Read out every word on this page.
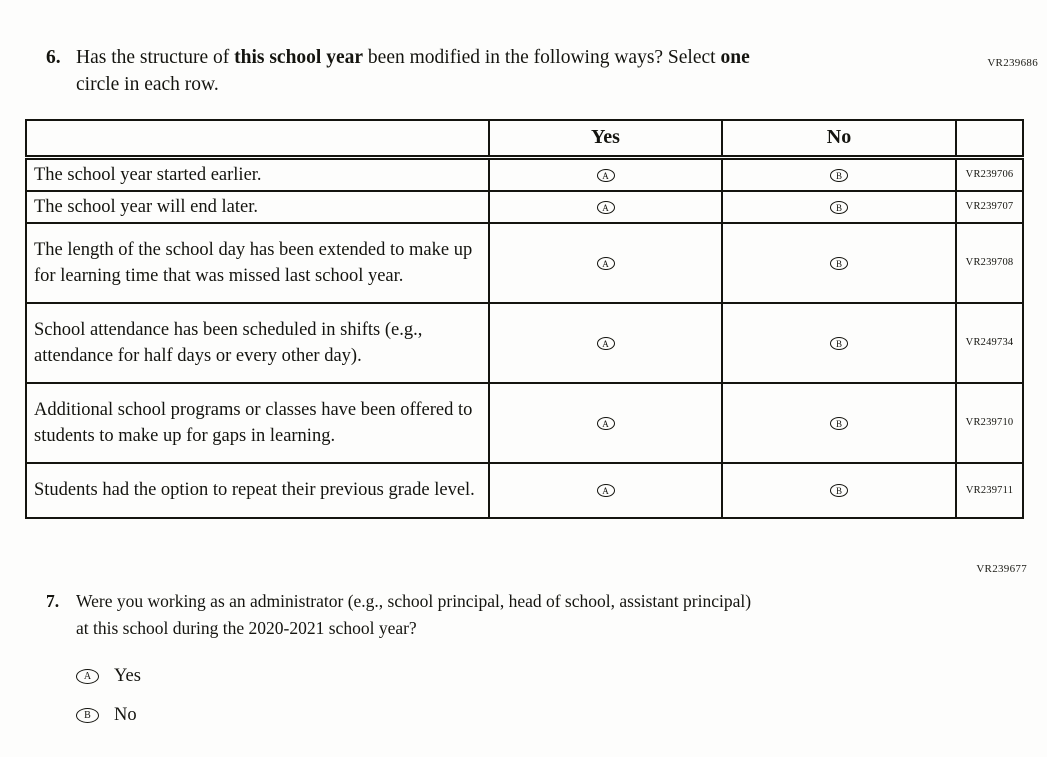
VR239686
6. Has the structure of this school year been modified in the following ways? Select one
circle in each row.
	Yes	No	
The school year started earlier.	A	B	VR239706
The school year will end later.	A	B	VR239707
The length of the school day has been extended to make up for learning time that was missed last school year.	A	B	VR239708
School attendance has been scheduled in shifts (e.g., attendance for half days or every other day).	A	B	VR249734
Additional school programs or classes have been offered to students to make up for gaps in learning.	A	B	VR239710
Students had the option to repeat their previous grade level.	A	B	VR239711
VR239677
7. Were you working as an administrator (e.g., school principal, head of school, assistant principal)
at this school during the 2020-2021 school year?
A	Yes
B	No
